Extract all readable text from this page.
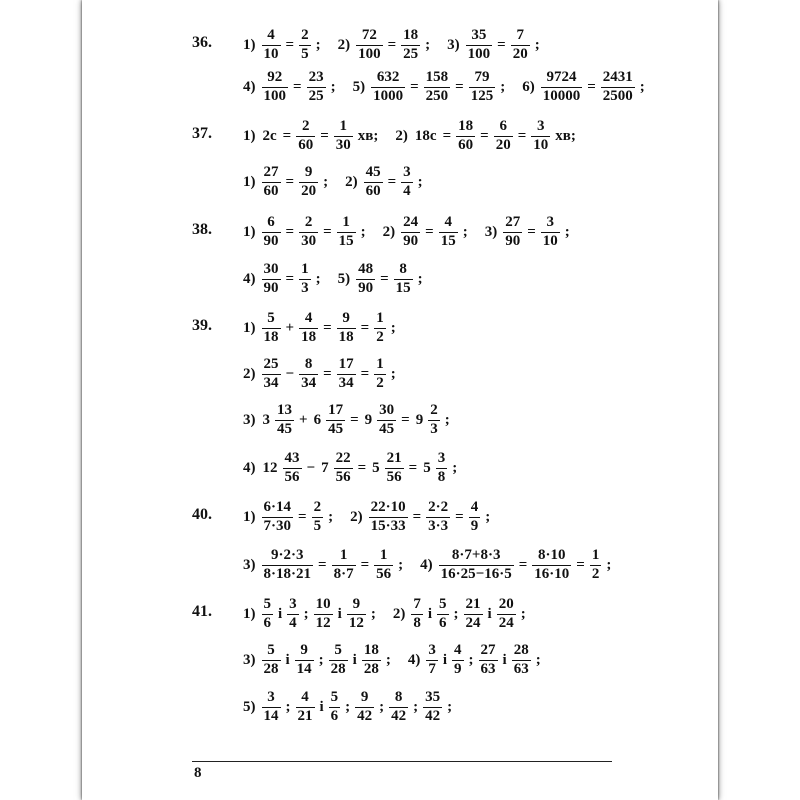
36. $1) \frac{4}{10} = \frac{2}{5}$ ; $2) \frac{72}{100} = \frac{18}{25}$ ; $3) \frac{35}{100} = \frac{7}{20}$ ;
$4) \frac{92}{100} = \frac{23}{25}$ ; $5) \frac{632}{1000} = \frac{158}{250} = \frac{79}{125}$ ; $6) \frac{9724}{10000} = \frac{2431}{2500}$ ;
37. 1) $2с = \frac{2}{60} = \frac{1}{30}$ хв; 2) $18с = \frac{18}{60} = \frac{6}{20} = \frac{3}{10}$ хв;
$1) \frac{27}{60} = \frac{9}{20}$ ; $2) \frac{45}{60} = \frac{3}{4}$ ;
38. $1) \frac{6}{90} = \frac{2}{30} = \frac{1}{15}$ ; $2) \frac{24}{90} = \frac{4}{15}$ ; $3) \frac{27}{90} = \frac{3}{10}$ ;
$4) \frac{30}{90} = \frac{1}{3}$ ; $5) \frac{48}{90} = \frac{8}{15}$ ;
39. $1) \frac{5}{18} + \frac{4}{18} = \frac{9}{18} = \frac{1}{2}$ ;
$2) \frac{25}{34} - \frac{8}{34} = \frac{17}{34} = \frac{1}{2}$ ;
3) $3 \frac{13}{45} + 6 \frac{17}{45} = 9 \frac{30}{45} = 9 \frac{2}{3}$ ;
4) $12 \frac{43}{56} - 7 \frac{22}{56} = 5 \frac{21}{56} = 5 \frac{3}{8}$ ;
40. $1) \frac{6\cdot 14}{7\cdot 30} = \frac{2}{5}$ ; $2) \frac{22\cdot 10}{15\cdot 33} = \frac{2\cdot 2}{3\cdot 3} = \frac{4}{9}$ ;
$3) \frac{9\cdot 2\cdot 3}{8\cdot 18\cdot 21} = \frac{1}{8\cdot 7} = \frac{1}{56}$ ; $4) \frac{8\cdot 7+8\cdot 3}{16\cdot 25-16\cdot 5} = \frac{8\cdot 10}{16\cdot 10} = \frac{1}{2}$ ;
41. $1) \frac{5}{6}$ і $\frac{3}{4}$ ; $\frac{10}{12}$ і $\frac{9}{12}$ ; $2) \frac{7}{8}$ і $\frac{5}{6}$ ; $\frac{21}{24}$ і $\frac{20}{24}$ ;
$3) \frac{5}{28}$ і $\frac{9}{14}$ ; $\frac{5}{28}$ і $\frac{18}{28}$ ; $4) \frac{3}{7}$ і $\frac{4}{9}$ ; $\frac{27}{63}$ і $\frac{28}{63}$ ;
$5) \frac{3}{14}$ ; $\frac{4}{21}$ і $\frac{5}{6}$ ; $\frac{9}{42}$ ; $\frac{8}{42}$ ; $\frac{35}{42}$ ;
8
